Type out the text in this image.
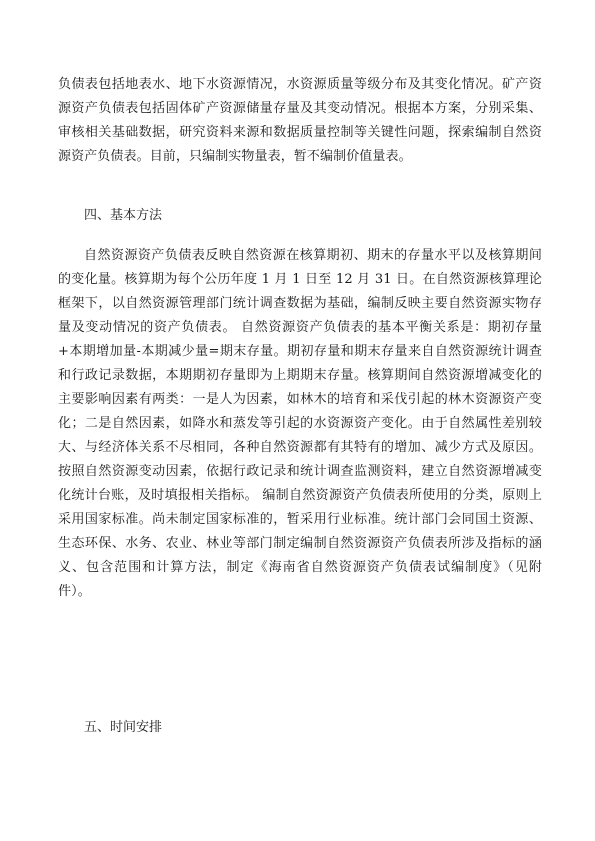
负债表包括地表水、地下水资源情况，水资源质量等级分布及其变化情况。矿产资源资产负债表包括固体矿产资源储量存量及其变动情况。根据本方案，分别采集、审核相关基础数据，研究资料来源和数据质量控制等关键性问题，探索编制自然资源资产负债表。目前，只编制实物量表，暂不编制价值量表。

四、基本方法

自然资源资产负债表反映自然资源在核算期初、期末的存量水平以及核算期间的变化量。核算期为每个公历年度 1 月 1 日至 12 月 31 日。在自然资源核算理论框架下，以自然资源管理部门统计调查数据为基础，编制反映主要自然资源实物存量及变动情况的资产负债表。 自然资源资产负债表的基本平衡关系是：期初存量+本期增加量-本期减少量=期末存量。期初存量和期末存量来自自然资源统计调查和行政记录数据，本期期初存量即为上期期末存量。核算期间自然资源增减变化的主要影响因素有两类：一是人为因素，如林木的培育和采伐引起的林木资源资产变化；二是自然因素，如降水和蒸发等引起的水资源资产变化。由于自然属性差别较大、与经济体关系不尽相同，各种自然资源都有其特有的增加、减少方式及原因。按照自然资源变动因素，依据行政记录和统计调查监测资料，建立自然资源增减变化统计台账，及时填报相关指标。 编制自然资源资产负债表所使用的分类，原则上采用国家标准。尚未制定国家标准的，暂采用行业标准。统计部门会同国土资源、生态环保、水务、农业、林业等部门制定编制自然资源资产负债表所涉及指标的涵义、包含范围和计算方法，制定《海南省自然资源资产负债表试编制度》（见附件）。

五、时间安排
